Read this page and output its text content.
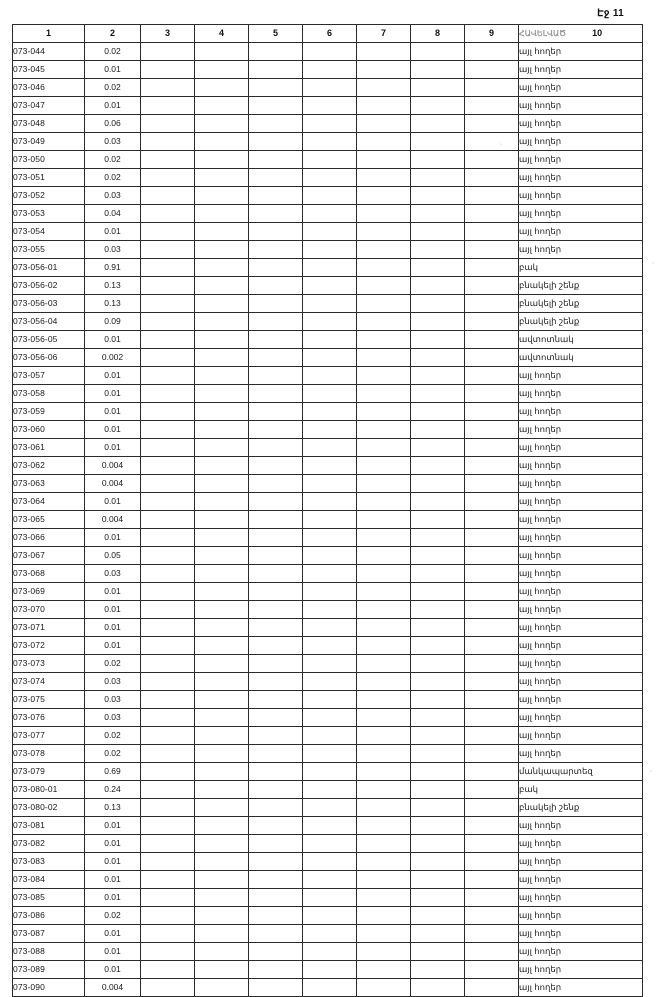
Էջ 11
1	2	3	4	5	6	7	8	9	ՀԱՎԵԼՎԱԾ 10
073-044	0.02								այլ հողեր
073-045	0.01								այլ հողեր
073-046	0.02								այլ հողեր
073-047	0.01								այլ հողեր
073-048	0.06								այլ հողեր
073-049	0.03								այլ հողեր
073-050	0.02								այլ հողեր
073-051	0.02								այլ հողեր
073-052	0.03								այլ հողեր
073-053	0.04								այլ հողեր
073-054	0.01								այլ հողեր
073-055	0.03								այլ հողեր
073-056-01	0.91								բակ
073-056-02	0.13								բնակելի շենք
073-056-03	0.13								բնակելի շենք
073-056-04	0.09								բնակելի շենք
073-056-05	0.01								ավտոտնակ
073-056-06	0.002								ավտոտնակ
073-057	0.01								այլ հողեր
073-058	0.01								այլ հողեր
073-059	0.01								այլ հողեր
073-060	0.01								այլ հողեր
073-061	0.01								այլ հողեր
073-062	0.004								այլ հողեր
073-063	0.004								այլ հողեր
073-064	0.01								այլ հողեր
073-065	0.004								այլ հողեր
073-066	0.01								այլ հողեր
073-067	0.05								այլ հողեր
073-068	0.03								այլ հողեր
073-069	0.01								այլ հողեր
073-070	0.01								այլ հողեր
073-071	0.01								այլ հողեր
073-072	0.01								այլ հողեր
073-073	0.02								այլ հողեր
073-074	0.03								այլ հողեր
073-075	0.03								այլ հողեր
073-076	0.03								այլ հողեր
073-077	0.02								այլ հողեր
073-078	0.02								այլ հողեր
073-079	0.69								մանկապարտեզ
073-080-01	0.24								բակ
073-080-02	0.13								բնակելի շենք
073-081	0.01								այլ հողեր
073-082	0.01								այլ հողեր
073-083	0.01								այլ հողեր
073-084	0.01								այլ հողեր
073-085	0.01								այլ հողեր
073-086	0.02								այլ հողեր
073-087	0.01								այլ հողեր
073-088	0.01								այլ հողեր
073-089	0.01								այլ հողեր
073-090	0.004								այլ հողեր
՛
՛
՝
